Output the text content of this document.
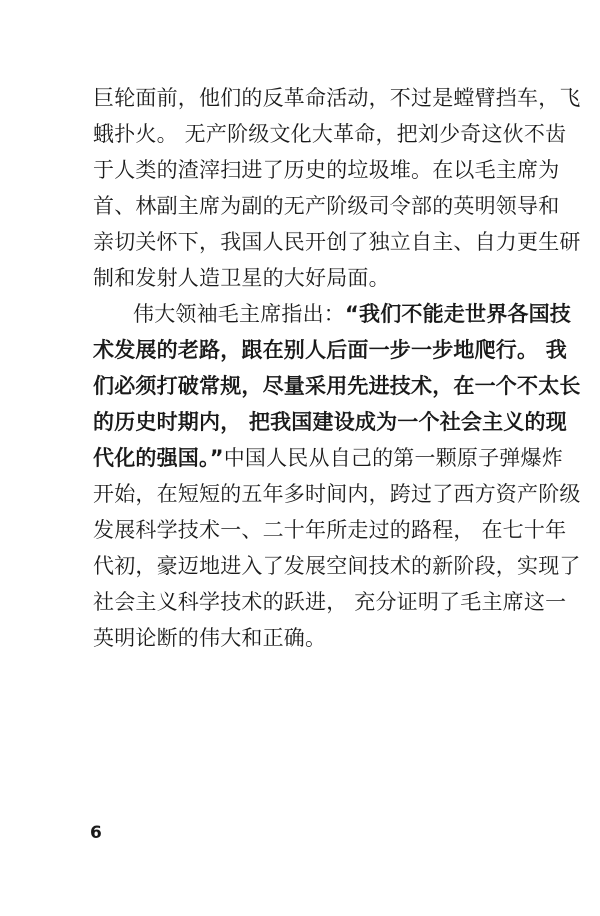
巨轮面前，他们的反革命活动，不过是螳臂挡车，飞
蛾扑火。 无产阶级文化大革命，把刘少奇这伙不齿
于人类的渣滓扫进了历史的垃圾堆。在以毛主席为
首、林副主席为副的无产阶级司令部的英明领导和
亲切关怀下，我国人民开创了独立自主、自力更生研
制和发射人造卫星的大好局面。
伟大领袖毛主席指出：“我们不能走世界各国技
术发展的老路，跟在别人后面一步一步地爬行。 我
们必须打破常规，尽量采用先进技术，在一个不太长
的历史时期内， 把我国建设成为一个社会主义的现
代化的强国。”中国人民从自己的第一颗原子弹爆炸
开始，在短短的五年多时间内，跨过了西方资产阶级
发展科学技术一、二十年所走过的路程， 在七十年
代初，豪迈地进入了发展空间技术的新阶段，实现了
社会主义科学技术的跃进， 充分证明了毛主席这一
英明论断的伟大和正确。
6
